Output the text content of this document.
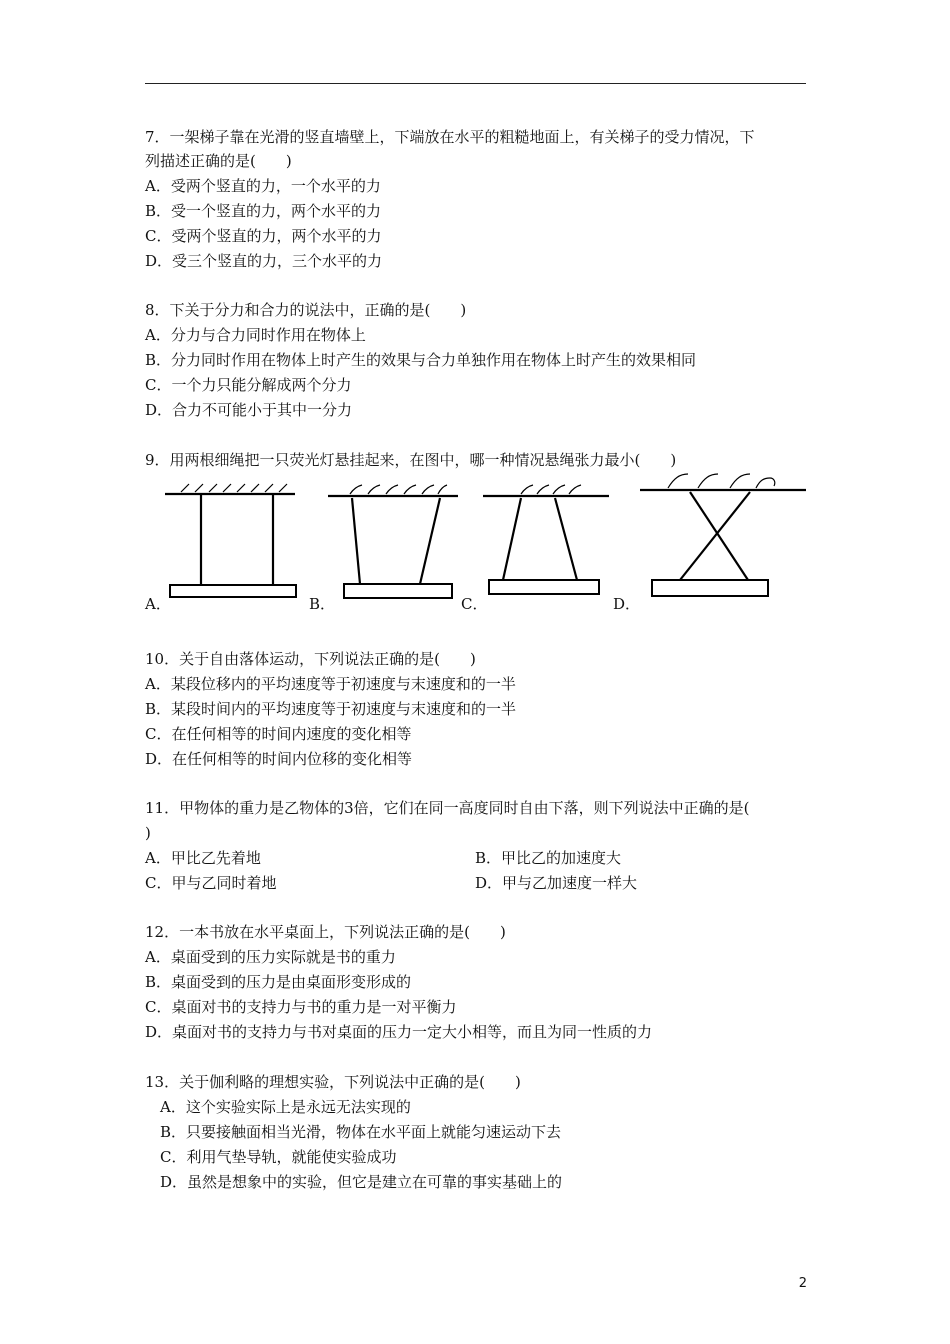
7．一架梯子靠在光滑的竖直墙壁上，下端放在水平的粗糙地面上，有关梯子的受力情况，下
列描述正确的是(　　)
A．受两个竖直的力，一个水平的力
B．受一个竖直的力，两个水平的力
C．受两个竖直的力，两个水平的力
D．受三个竖直的力，三个水平的力
8．下关于分力和合力的说法中，正确的是(　　)
A．分力与合力同时作用在物体上
B．分力同时作用在物体上时产生的效果与合力单独作用在物体上时产生的效果相同
C．一个力只能分解成两个分力
D．合力不可能小于其中一分力
9．用两根细绳把一只荧光灯悬挂起来，在图中，哪一种情况悬绳张力最小(　　)
A．	B．	C．	D．
10．关于自由落体运动，下列说法正确的是(　　)
A．某段位移内的平均速度等于初速度与末速度和的一半
B．某段时间内的平均速度等于初速度与末速度和的一半
C．在任何相等的时间内速度的变化相等
D．在任何相等的时间内位移的变化相等
11．甲物体的重力是乙物体的3倍，它们在同一高度同时自由下落，则下列说法中正确的是(
)
A．甲比乙先着地	B．甲比乙的加速度大
C．甲与乙同时着地	D．甲与乙加速度一样大
12．一本书放在水平桌面上，下列说法正确的是(　　)
A．桌面受到的压力实际就是书的重力
B．桌面受到的压力是由桌面形变形成的
C．桌面对书的支持力与书的重力是一对平衡力
D．桌面对书的支持力与书对桌面的压力一定大小相等，而且为同一性质的力
13．关于伽利略的理想实验，下列说法中正确的是(　　)
A．这个实验实际上是永远无法实现的
B．只要接触面相当光滑，物体在水平面上就能匀速运动下去
C．利用气垫导轨，就能使实验成功
D．虽然是想象中的实验，但它是建立在可靠的事实基础上的
2
